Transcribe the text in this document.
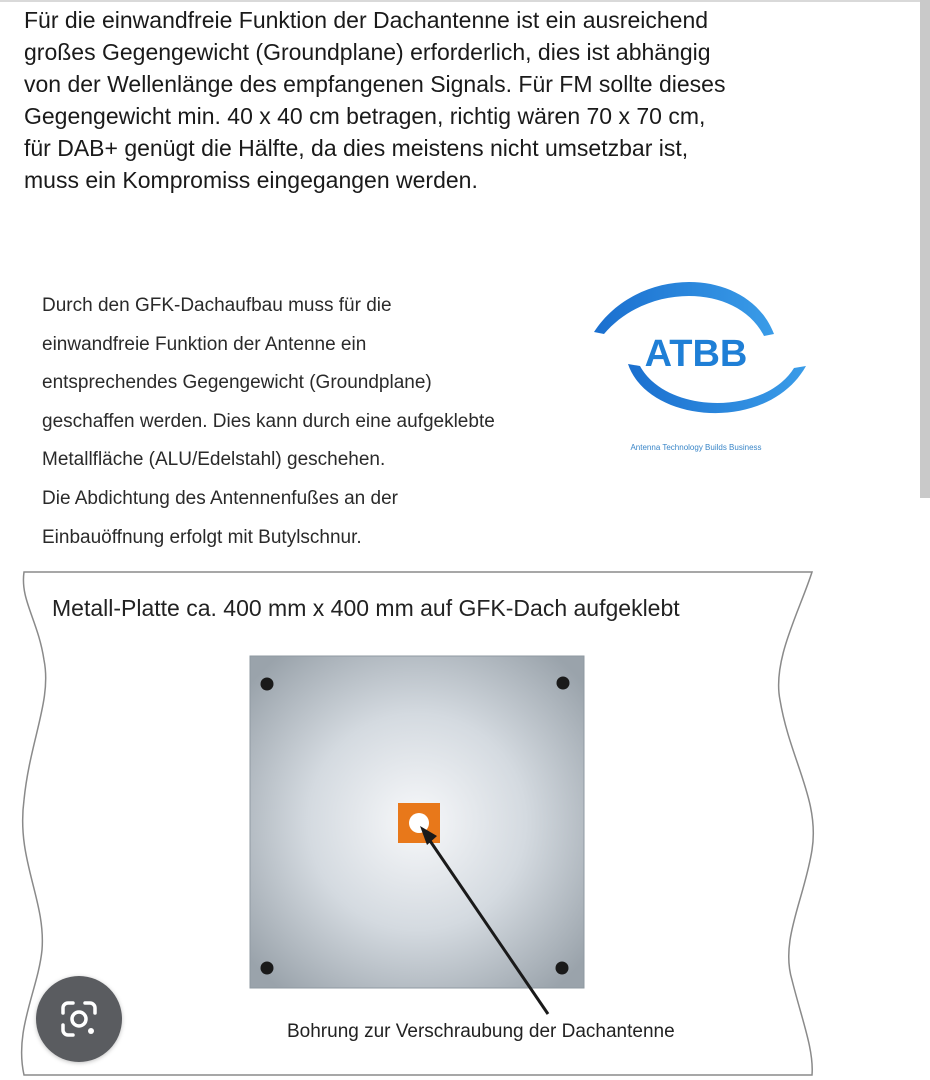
Für die einwandfreie Funktion der Dachantenne ist ein ausreichend
großes Gegengewicht (Groundplane) erforderlich, dies ist abhängig
von der Wellenlänge des empfangenen Signals. Für FM sollte dieses
Gegengewicht min. 40 x 40 cm betragen, richtig wären 70 x 70 cm,
für DAB+ genügt die Hälfte, da dies meistens nicht umsetzbar ist,
muss ein Kompromiss eingegangen werden.
Durch den GFK-Dachaufbau muss für die
einwandfreie Funktion der Antenne ein
entsprechendes Gegengewicht (Groundplane)
geschaffen werden. Dies kann durch eine aufgeklebte
Metallfläche (ALU/Edelstahl) geschehen.
Die Abdichtung des Antennenfußes an der
Einbauöffnung erfolgt mit Butylschnur.
ATBB
Antenna Technology Builds Business
Metall-Platte ca. 400 mm x 400 mm auf GFK-Dach aufgeklebt
Bohrung zur Verschraubung der Dachantenne
